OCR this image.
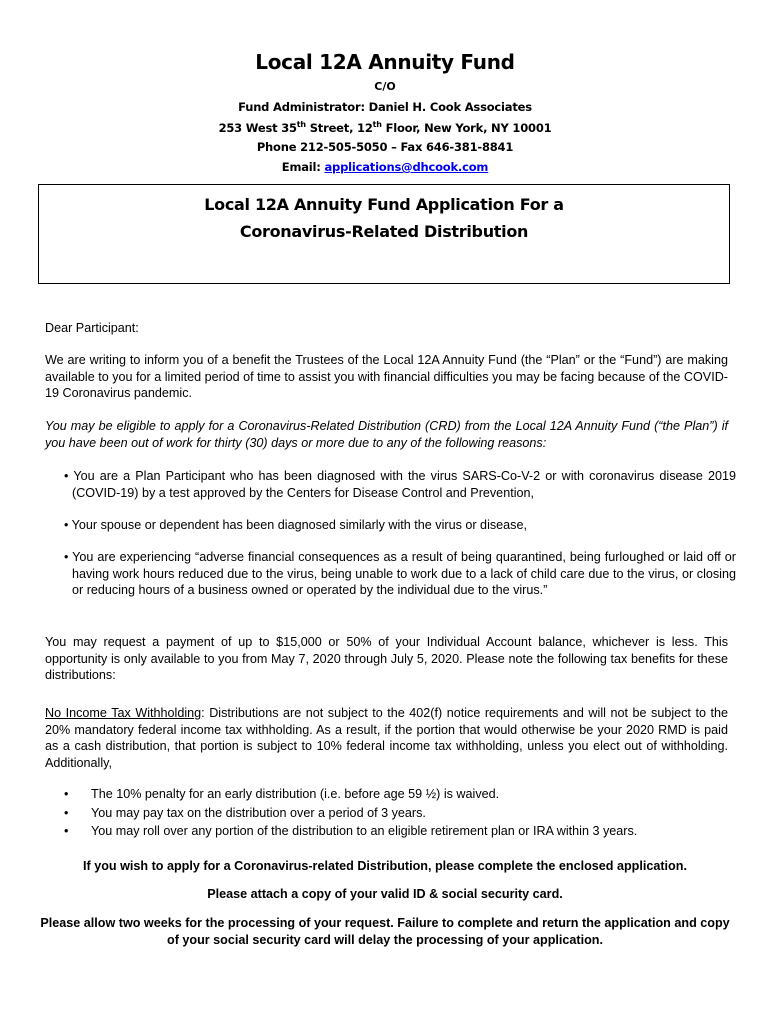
Local 12A Annuity Fund
C/O
Fund Administrator: Daniel H. Cook Associates
253 West 35th Street, 12th Floor, New York, NY 10001
Phone 212-505-5050 – Fax 646-381-8841
Email: applications@dhcook.com
Local 12A Annuity Fund Application For a
Coronavirus-Related Distribution
Dear Participant:
We are writing to inform you of a benefit the Trustees of the Local 12A Annuity Fund (the “Plan” or the “Fund”) are making available to you for a limited period of time to assist you with financial difficulties you may be facing because of the COVID-19 Coronavirus pandemic.
You may be eligible to apply for a Coronavirus-Related Distribution (CRD) from the Local 12A Annuity Fund (“the Plan”) if you have been out of work for thirty (30) days or more due to any of the following reasons:
• You are a Plan Participant who has been diagnosed with the virus SARS-Co-V-2 or with coronavirus disease 2019 (COVID-19) by a test approved by the Centers for Disease Control and Prevention,
• Your spouse or dependent has been diagnosed similarly with the virus or disease,
• You are experiencing “adverse financial consequences as a result of being quarantined, being furloughed or laid off or having work hours reduced due to the virus, being unable to work due to a lack of child care due to the virus, or closing or reducing hours of a business owned or operated by the individual due to the virus.”
You may request a payment of up to $15,000 or 50% of your Individual Account balance, whichever is less. This opportunity is only available to you from May 7, 2020 through July 5, 2020. Please note the following tax benefits for these distributions:
No Income Tax Withholding: Distributions are not subject to the 402(f) notice requirements and will not be subject to the 20% mandatory federal income tax withholding. As a result, if the portion that would otherwise be your 2020 RMD is paid as a cash distribution, that portion is subject to 10% federal income tax withholding, unless you elect out of withholding. Additionally,
• The 10% penalty for an early distribution (i.e. before age 59 ½) is waived.
• You may pay tax on the distribution over a period of 3 years.
• You may roll over any portion of the distribution to an eligible retirement plan or IRA within 3 years.
If you wish to apply for a Coronavirus-related Distribution, please complete the enclosed application.
Please attach a copy of your valid ID & social security card.
Please allow two weeks for the processing of your request. Failure to complete and return the application and copy of your social security card will delay the processing of your application.
